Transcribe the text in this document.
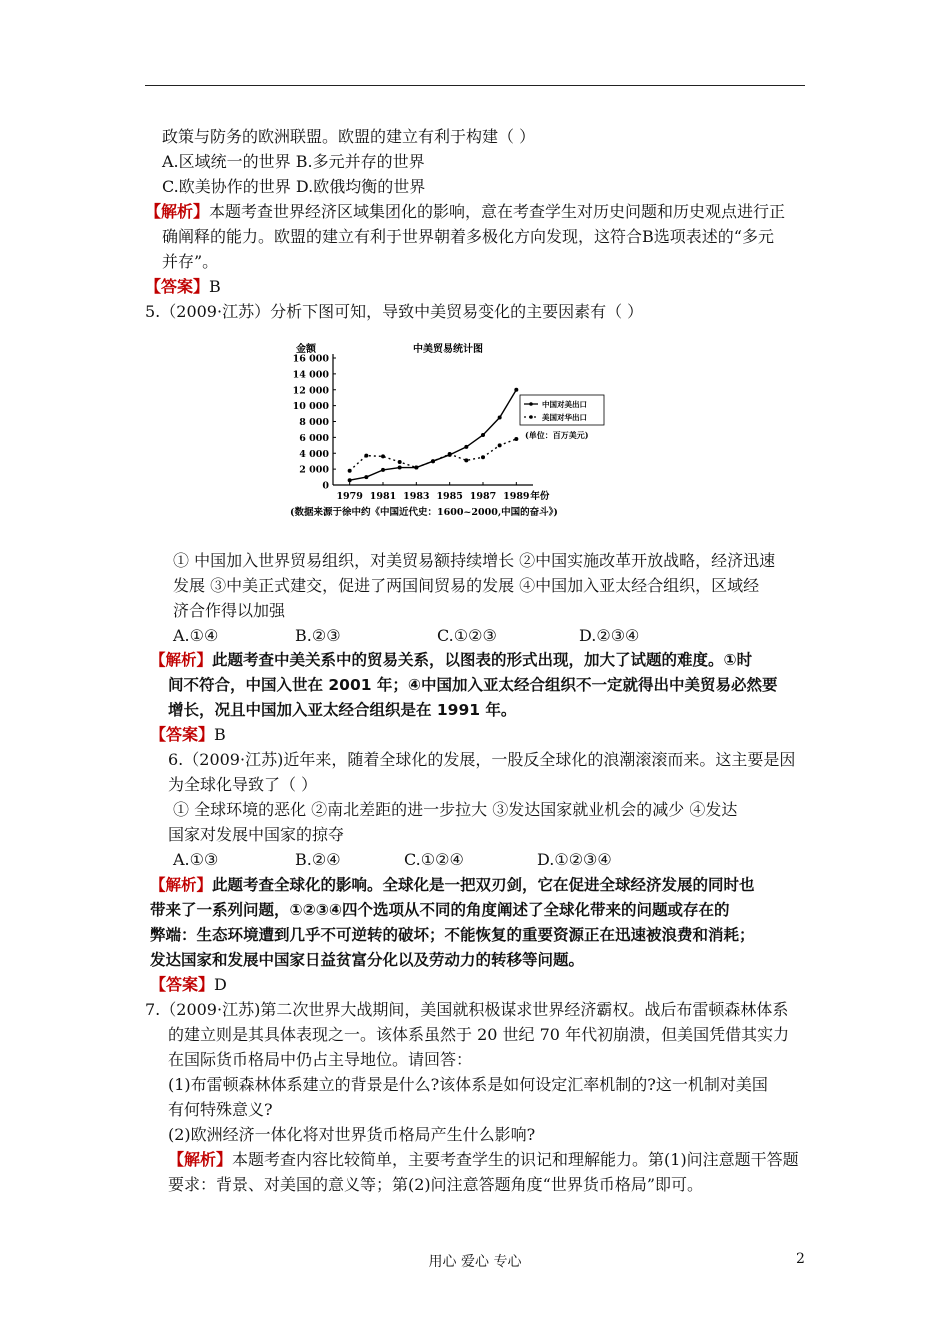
政策与防务的欧洲联盟。欧盟的建立有利于构建（ ）
A.区域统一的世界 B.多元并存的世界
C.欧美协作的世界 D.欧俄均衡的世界
【解析】本题考查世界经济区域集团化的影响，意在考查学生对历史问题和历史观点进行正
确阐释的能力。欧盟的建立有利于世界朝着多极化方向发现，这符合B选项表述的“多元
并存”。
【答案】B
5.（2009·江苏）分析下图可知，导致中美贸易变化的主要因素有（ ）
金额	中美贸易统计图
16 000
14 000
12 000
10 000
8 000
6 000
4 000
2 000
0
1979 1981 1983 1985 1987 1989 年份
中国对美出口
美国对华出口
(单位：百万美元)
(数据来源于徐中约《中国近代史：1600~2000,中国的奋斗》)
① 中国加入世界贸易组织，对美贸易额持续增长 ②中国实施改革开放战略，经济迅速
发展 ③中美正式建交，促进了两国间贸易的发展 ④中国加入亚太经合组织，区域经
济合作得以加强
A.①④	B.②③	C.①②③	D.②③④
【解析】此题考查中美关系中的贸易关系，以图表的形式出现，加大了试题的难度。①时
间不符合，中国入世在 2001 年；④中国加入亚太经合组织不一定就得出中美贸易必然要
增长，况且中国加入亚太经合组织是在 1991 年。
【答案】B
6.（2009·江苏)近年来，随着全球化的发展，一股反全球化的浪潮滚滚而来。这主要是因
为全球化导致了（ ）
① 全球环境的恶化 ②南北差距的进一步拉大 ③发达国家就业机会的减少 ④发达
国家对发展中国家的掠夺
A.①③	B.②④	C.①②④	D.①②③④
【解析】此题考查全球化的影响。全球化是一把双刃剑，它在促进全球经济发展的同时也
带来了一系列问题，①②③④四个选项从不同的角度阐述了全球化带来的问题或存在的
弊端：生态环境遭到几乎不可逆转的破坏；不能恢复的重要资源正在迅速被浪费和消耗；
发达国家和发展中国家日益贫富分化以及劳动力的转移等问题。
【答案】D
7.（2009·江苏)第二次世界大战期间，美国就积极谋求世界经济霸权。战后布雷顿森林体系
的建立则是其具体表现之一。该体系虽然于 20 世纪 70 年代初崩溃，但美国凭借其实力
在国际货币格局中仍占主导地位。请回答：
(1)布雷顿森林体系建立的背景是什么?该体系是如何设定汇率机制的?这一机制对美国
有何特殊意义?
(2)欧洲经济一体化将对世界货币格局产生什么影响?
【解析】本题考查内容比较简单，主要考查学生的识记和理解能力。第(1)问注意题干答题
要求：背景、对美国的意义等；第(2)问注意答题角度“世界货币格局”即可。
用心 爱心 专心	2
